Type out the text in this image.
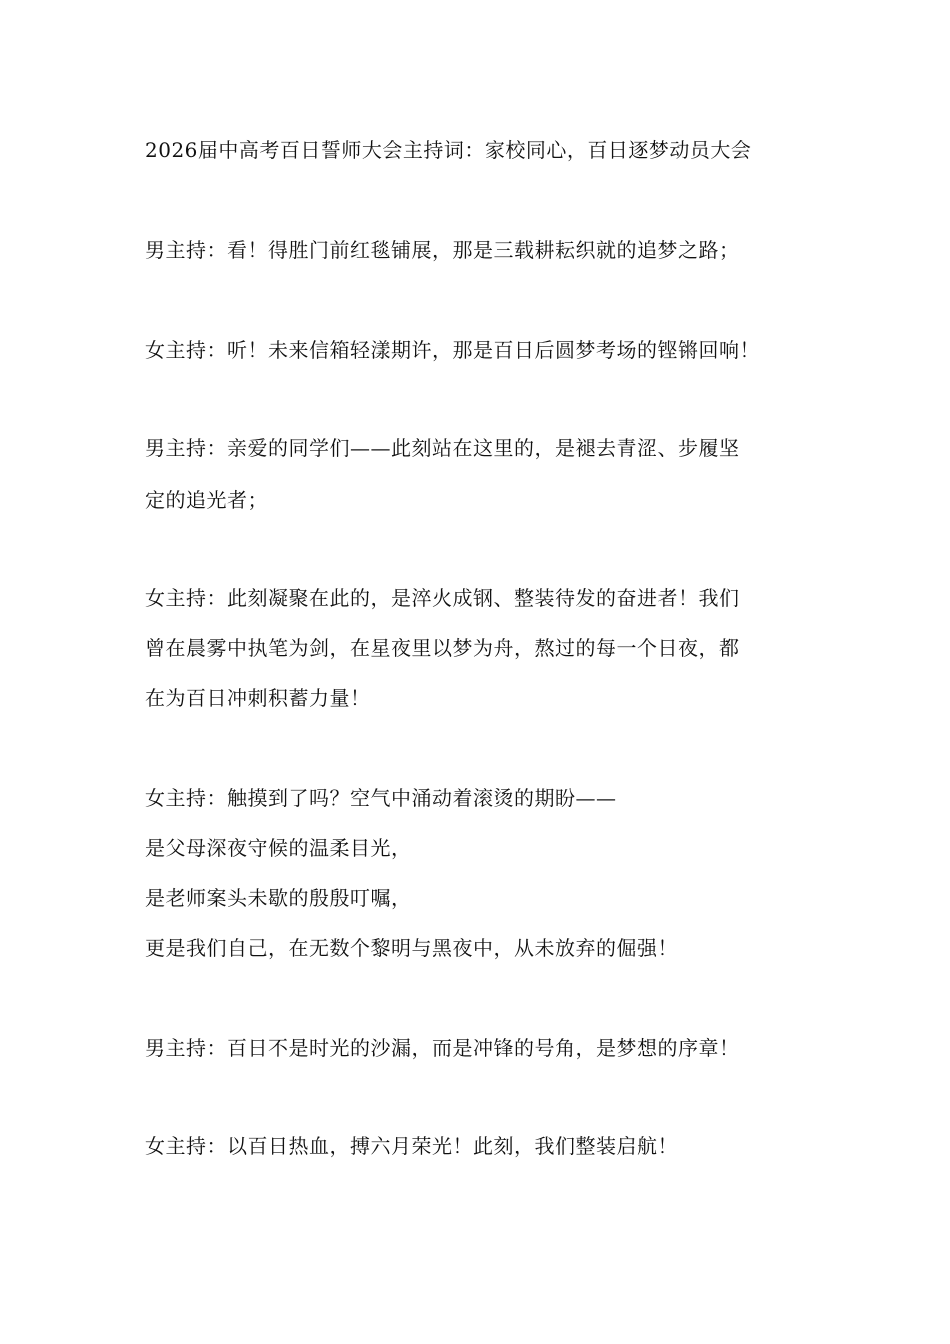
2026届中高考百日誓师大会主持词：家校同心，百日逐梦动员大会
男主持：看！得胜门前红毯铺展，那是三载耕耘织就的追梦之路；
女主持：听！未来信箱轻漾期许，那是百日后圆梦考场的铿锵回响！
男主持：亲爱的同学们——此刻站在这里的，是褪去青涩、步履坚
定的追光者；
女主持：此刻凝聚在此的，是淬火成钢、整装待发的奋进者！我们
曾在晨雾中执笔为剑，在星夜里以梦为舟，熬过的每一个日夜，都
在为百日冲刺积蓄力量！
女主持：触摸到了吗？空气中涌动着滚烫的期盼——
是父母深夜守候的温柔目光，
是老师案头未歇的殷殷叮嘱，
更是我们自己，在无数个黎明与黑夜中，从未放弃的倔强！
男主持：百日不是时光的沙漏，而是冲锋的号角，是梦想的序章！
女主持：以百日热血，搏六月荣光！此刻，我们整装启航！
